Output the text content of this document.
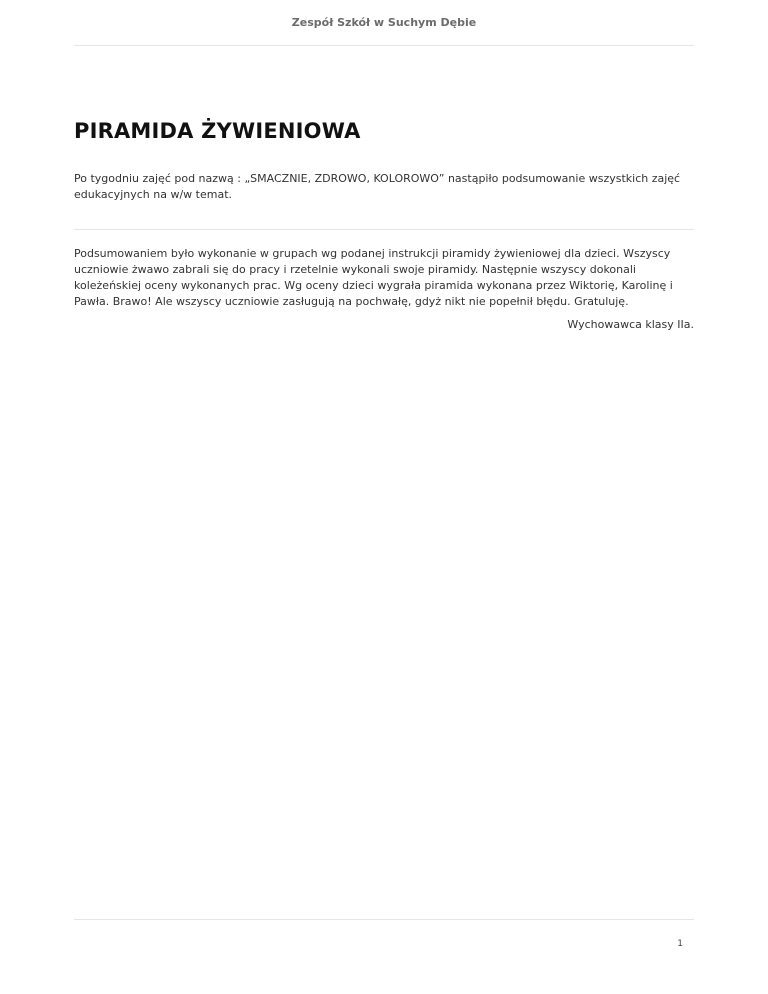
Zespół Szkół w Suchym Dębie
PIRAMIDA ŻYWIENIOWA

Po tygodniu zajęć pod nazwą : „SMACZNIE, ZDROWO, KOLOROWO” nastąpiło podsumowanie wszystkich zajęć edukacyjnych na w/w temat.

Podsumowaniem było wykonanie w grupach wg podanej instrukcji piramidy żywieniowej dla dzieci. Wszyscy uczniowie żwawo zabrali się do pracy i rzetelnie wykonali swoje piramidy. Następnie wszyscy dokonali koleżeńskiej oceny wykonanych prac. Wg oceny dzieci wygrała piramida wykonana przez Wiktorię, Karolinę i Pawła. Brawo! Ale wszyscy uczniowie zasługują na pochwałę, gdyż nikt nie popełnił błędu. Gratuluję.

Wychowawca klasy IIa.

1
